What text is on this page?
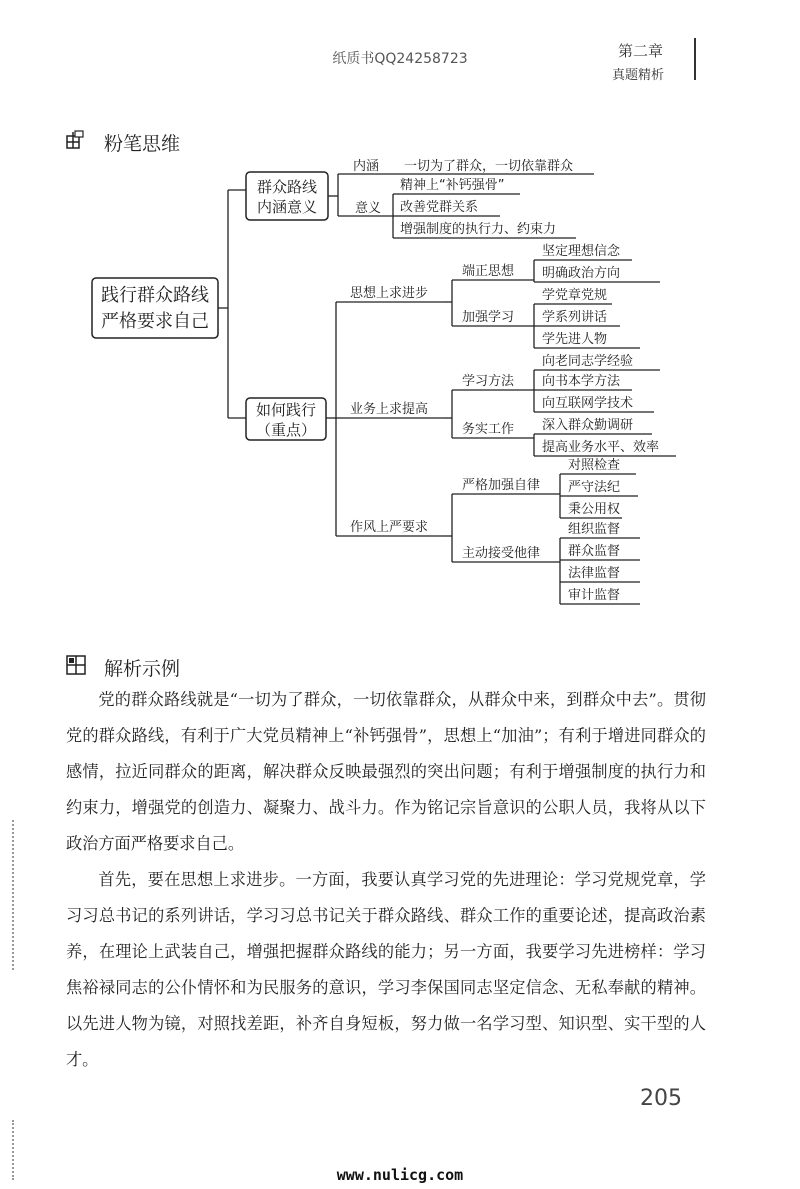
纸质书QQ24258723	第二章
真题精析
粉笔思维
践行群众路线
严格要求自己
群众路线
内涵意义
内涵 一切为了群众，一切依靠群众
意义
精神上“补钙强骨”
改善党群关系
增强制度的执行力、约束力
如何践行
（重点）
思想上求进步
端正思想
坚定理想信念
明确政治方向
加强学习
学党章党规
学系列讲话
学先进人物
业务上求提高
学习方法
向老同志学经验
向书本学方法
向互联网学技术
务实工作 深入群众勤调研
提高业务水平、效率
作风上严要求
严格加强自律
对照检查
严守法纪
秉公用权
主动接受他律
组织监督
群众监督
法律监督
审计监督
解析示例

党的群众路线就是“一切为了群众，一切依靠群众，从群众中来，到群众中去”。贯彻党的群众路线，有利于广大党员精神上“补钙强骨”，思想上“加油”；有利于增进同群众的感情，拉近同群众的距离，解决群众反映最强烈的突出问题；有利于增强制度的执行力和约束力，增强党的创造力、凝聚力、战斗力。作为铭记宗旨意识的公职人员，我将从以下政治方面严格要求自己。

首先，要在思想上求进步。一方面，我要认真学习党的先进理论：学习党规党章，学习习总书记的系列讲话，学习习总书记关于群众路线、群众工作的重要论述，提高政治素养，在理论上武装自己，增强把握群众路线的能力；另一方面，我要学习先进榜样：学习焦裕禄同志的公仆情怀和为民服务的意识，学习李保国同志坚定信念、无私奉献的精神。以先进人物为镜，对照找差距，补齐自身短板，努力做一名学习型、知识型、实干型的人才。

205
www.nulicg.com
